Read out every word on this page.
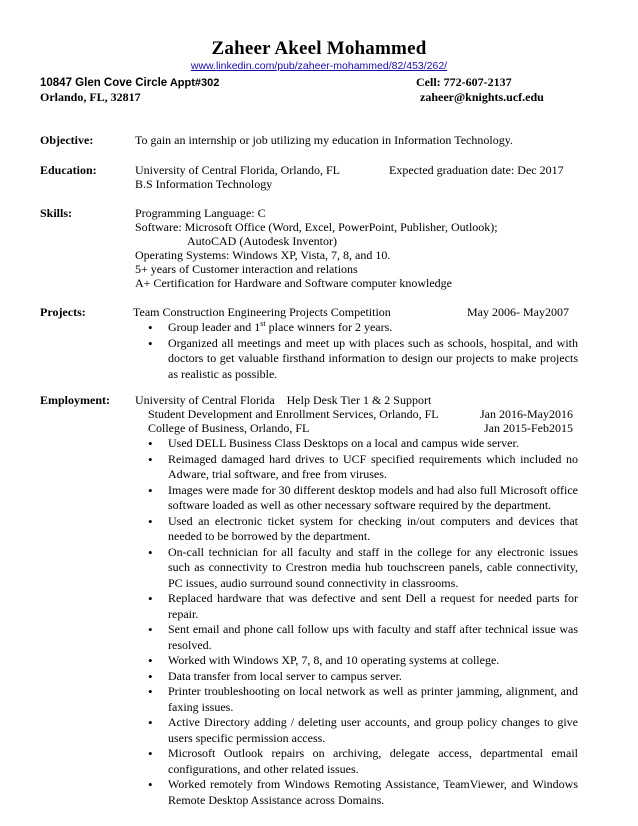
Zaheer Akeel Mohammed
www.linkedin.com/pub/zaheer-mohammed/82/453/262/
10847 Glen Cove Circle Appt#302	Cell: 772-607-2137
Orlando, FL, 32817	zaheer@knights.ucf.edu
Objective:	To gain an internship or job utilizing my education in Information Technology.
Education:	University of Central Florida, Orlando, FL	Expected graduation date: Dec 2017
B.S Information Technology
Skills:	Programming Language: C
Software: Microsoft Office (Word, Excel, PowerPoint, Publisher, Outlook);
AutoCAD (Autodesk Inventor)
Operating Systems: Windows XP, Vista, 7, 8, and 10.
5+ years of Customer interaction and relations
A+ Certification for Hardware and Software computer knowledge
Projects:	Team Construction Engineering Projects Competition	May 2006- May2007
• Group leader and 1st place winners for 2 years.
• Organized all meetings and meet up with places such as schools, hospital, and with doctors to get valuable firsthand information to design our projects to make projects as realistic as possible.
Employment: University of Central Florida    Help Desk Tier 1 & 2 Support
Student Development and Enrollment Services, Orlando, FL	Jan 2016-May2016
College of Business, Orlando, FL	Jan 2015-Feb2015
• Used DELL Business Class Desktops on a local and campus wide server.
• Reimaged damaged hard drives to UCF specified requirements which included no Adware, trial software, and free from viruses.
• Images were made for 30 different desktop models and had also full Microsoft office software loaded as well as other necessary software required by the department.
• Used an electronic ticket system for checking in/out computers and devices that needed to be borrowed by the department.
• On-call technician for all faculty and staff in the college for any electronic issues such as connectivity to Crestron media hub touchscreen panels, cable connectivity, PC issues, audio surround sound connectivity in classrooms.
• Replaced hardware that was defective and sent Dell a request for needed parts for repair.
• Sent email and phone call follow ups with faculty and staff after technical issue was resolved.
• Worked with Windows XP, 7, 8, and 10 operating systems at college.
• Data transfer from local server to campus server.
• Printer troubleshooting on local network as well as printer jamming, alignment, and faxing issues.
• Active Directory adding / deleting user accounts, and group policy changes to give users specific permission access.
• Microsoft Outlook repairs on archiving, delegate access, departmental email configurations, and other related issues.
• Worked remotely from Windows Remoting Assistance, TeamViewer, and Windows Remote Desktop Assistance across Domains.
